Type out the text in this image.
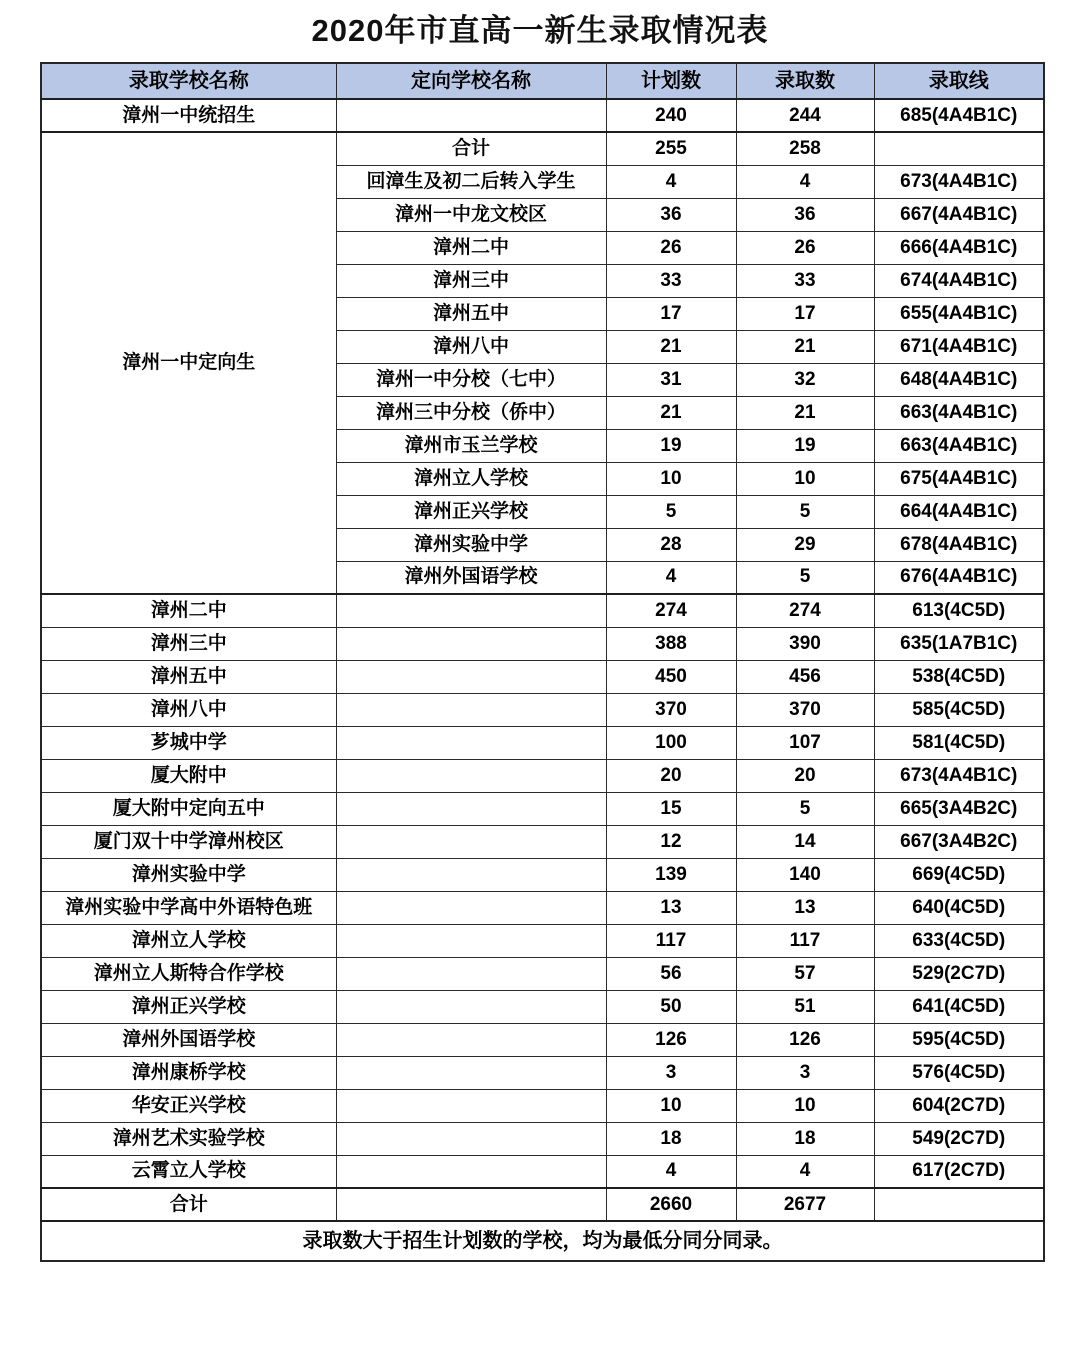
2020年市直高一新生录取情况表
录取学校名称	定向学校名称	计划数	录取数	录取线
漳州一中统招生		240	244	685(4A4B1C)
漳州一中定向生	合计	255	258	
	回漳生及初二后转入学生	4	4	673(4A4B1C)
	漳州一中龙文校区	36	36	667(4A4B1C)
	漳州二中	26	26	666(4A4B1C)
	漳州三中	33	33	674(4A4B1C)
	漳州五中	17	17	655(4A4B1C)
	漳州八中	21	21	671(4A4B1C)
	漳州一中分校（七中）	31	32	648(4A4B1C)
	漳州三中分校（侨中）	21	21	663(4A4B1C)
	漳州市玉兰学校	19	19	663(4A4B1C)
	漳州立人学校	10	10	675(4A4B1C)
	漳州正兴学校	5	5	664(4A4B1C)
	漳州实验中学	28	29	678(4A4B1C)
	漳州外国语学校	4	5	676(4A4B1C)
漳州二中		274	274	613(4C5D)
漳州三中		388	390	635(1A7B1C)
漳州五中		450	456	538(4C5D)
漳州八中		370	370	585(4C5D)
芗城中学		100	107	581(4C5D)
厦大附中		20	20	673(4A4B1C)
厦大附中定向五中		15	5	665(3A4B2C)
厦门双十中学漳州校区		12	14	667(3A4B2C)
漳州实验中学		139	140	669(4C5D)
漳州实验中学高中外语特色班		13	13	640(4C5D)
漳州立人学校		117	117	633(4C5D)
漳州立人斯特合作学校		56	57	529(2C7D)
漳州正兴学校		50	51	641(4C5D)
漳州外国语学校		126	126	595(4C5D)
漳州康桥学校		3	3	576(4C5D)
华安正兴学校		10	10	604(2C7D)
漳州艺术实验学校		18	18	549(2C7D)
云霄立人学校		4	4	617(2C7D)
合计		2660	2677	
录取数大于招生计划数的学校，均为最低分同分同录。				
